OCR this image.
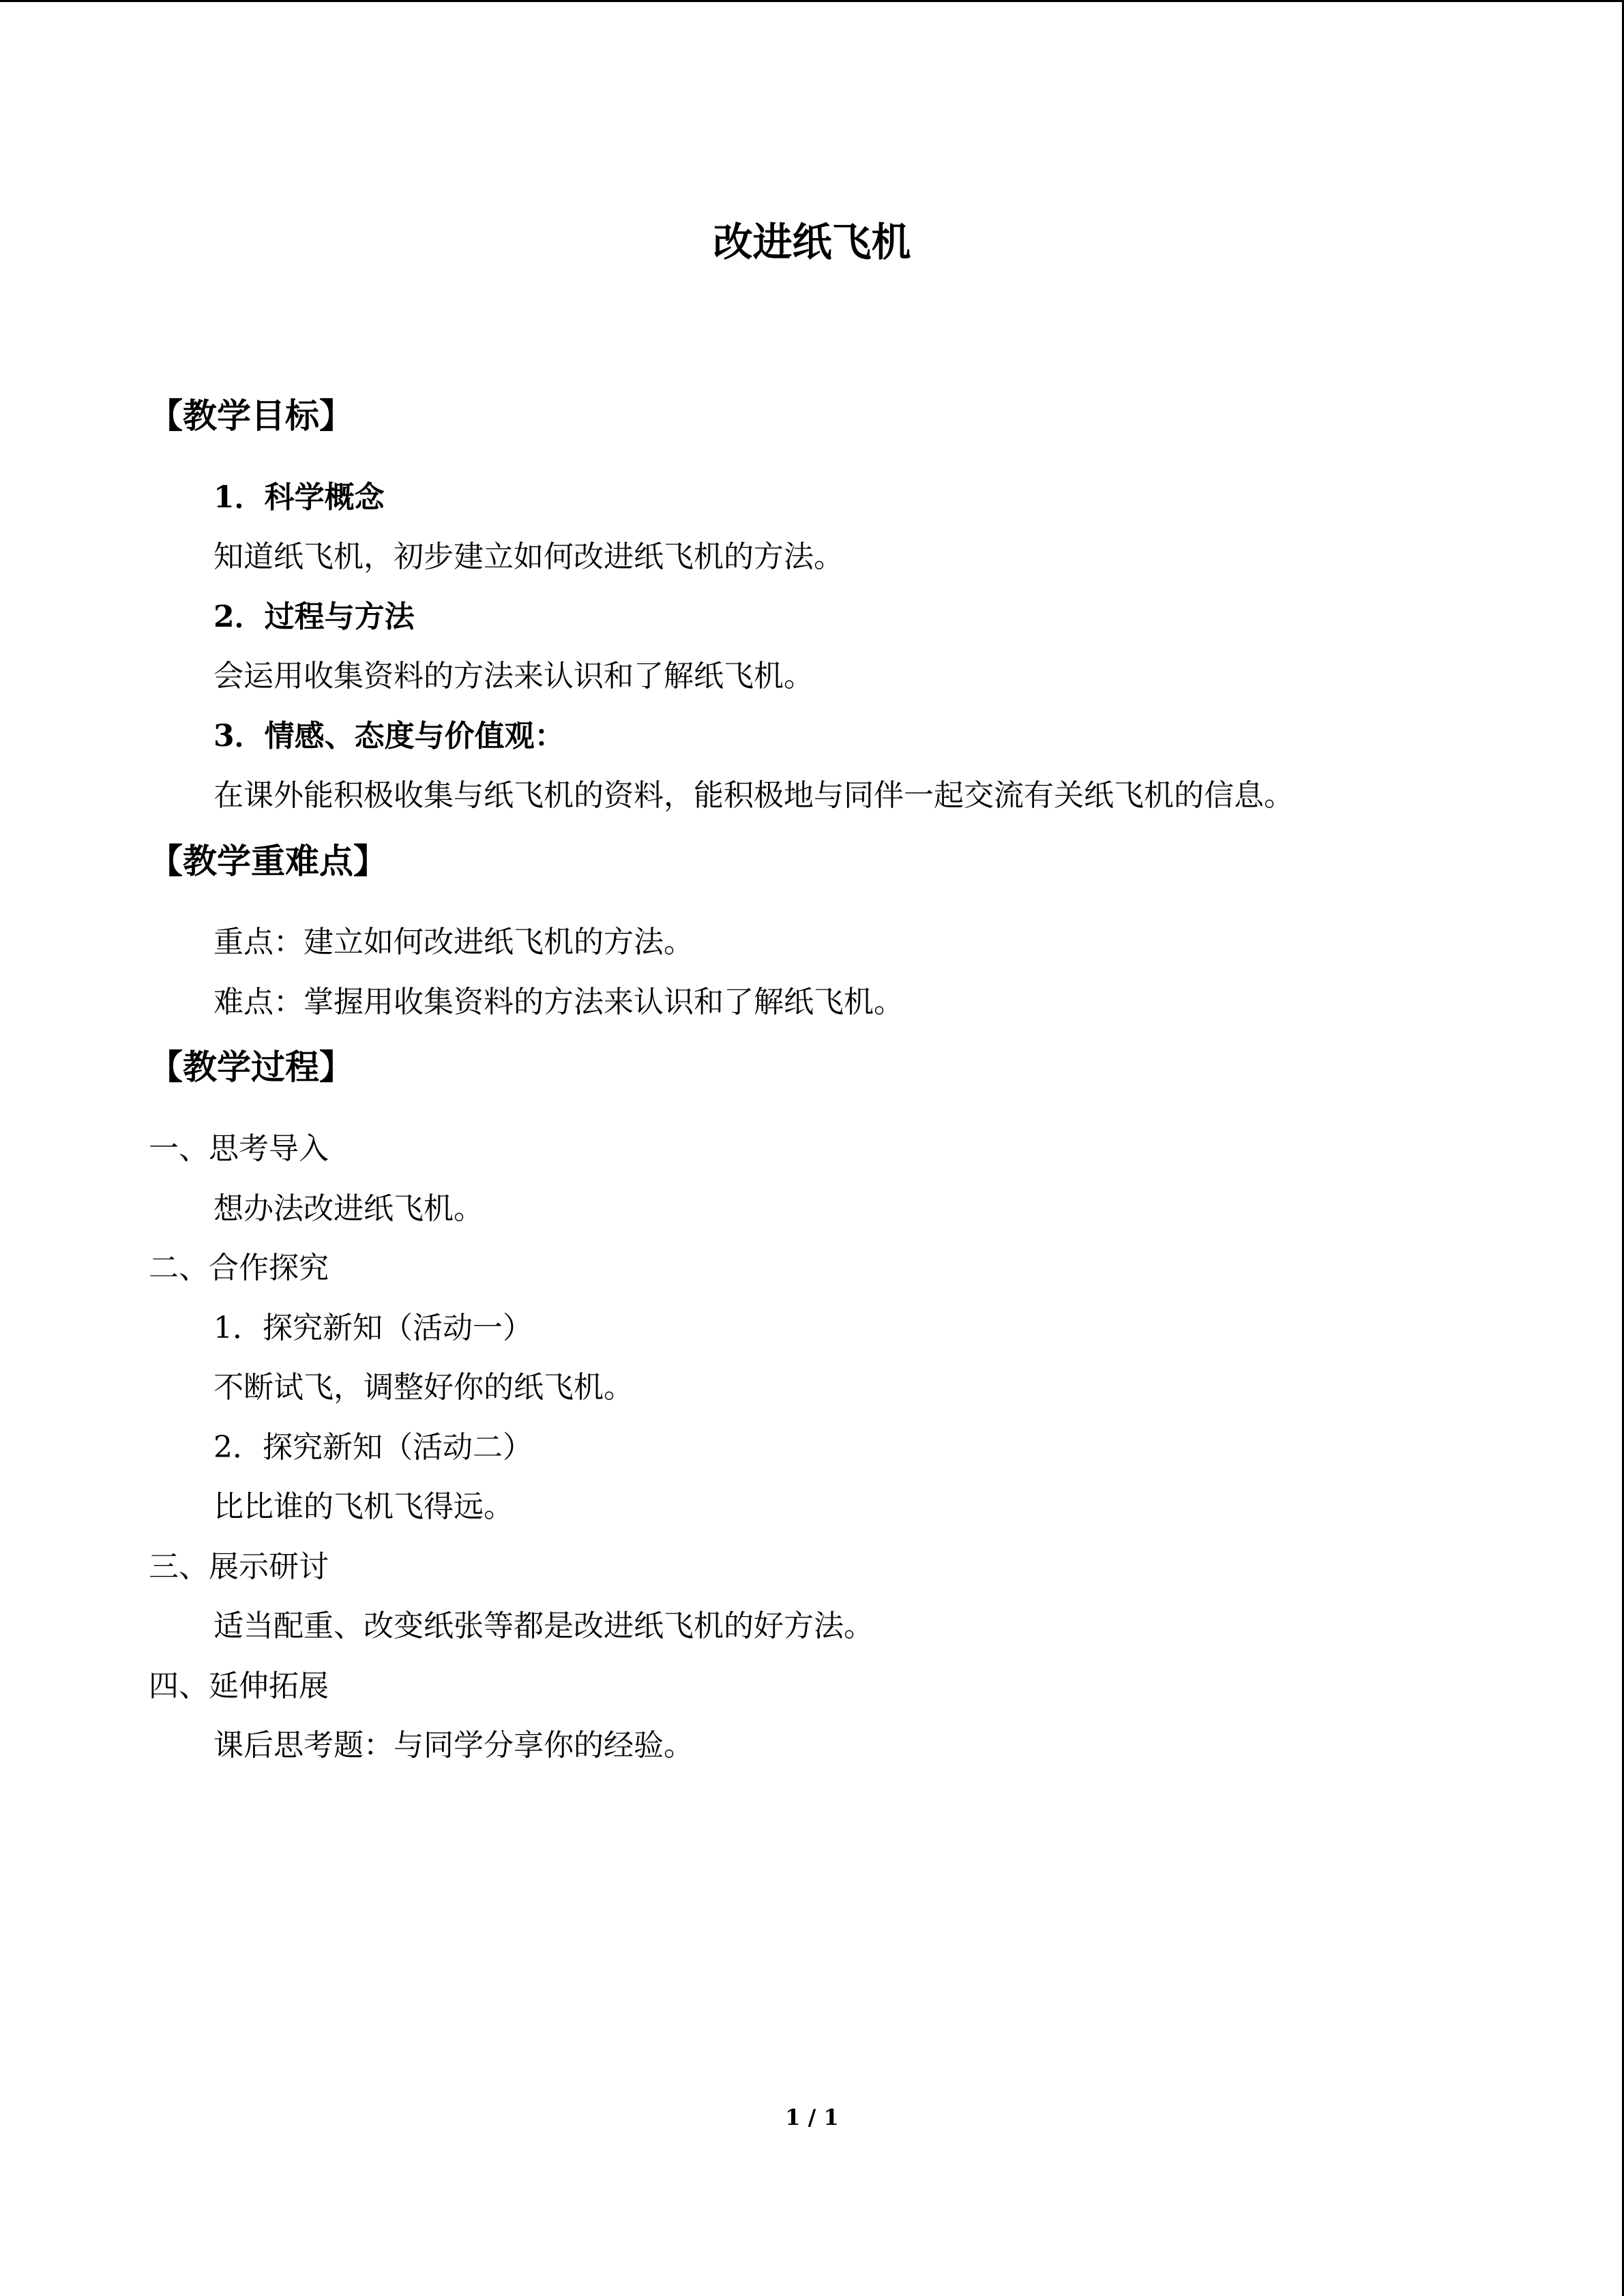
改进纸飞机
【教学目标】
1．科学概念
知道纸飞机，初步建立如何改进纸飞机的方法。
2．过程与方法
会运用收集资料的方法来认识和了解纸飞机。
3．情感、态度与价值观：
在课外能积极收集与纸飞机的资料，能积极地与同伴一起交流有关纸飞机的信息。
【教学重难点】
重点：建立如何改进纸飞机的方法。
难点：掌握用收集资料的方法来认识和了解纸飞机。
【教学过程】
一、思考导入
想办法改进纸飞机。
二、合作探究
1．探究新知（活动一）
不断试飞，调整好你的纸飞机。
2．探究新知（活动二）
比比谁的飞机飞得远。
三、展示研讨
适当配重、改变纸张等都是改进纸飞机的好方法。
四、延伸拓展
课后思考题：与同学分享你的经验。
1 / 1
